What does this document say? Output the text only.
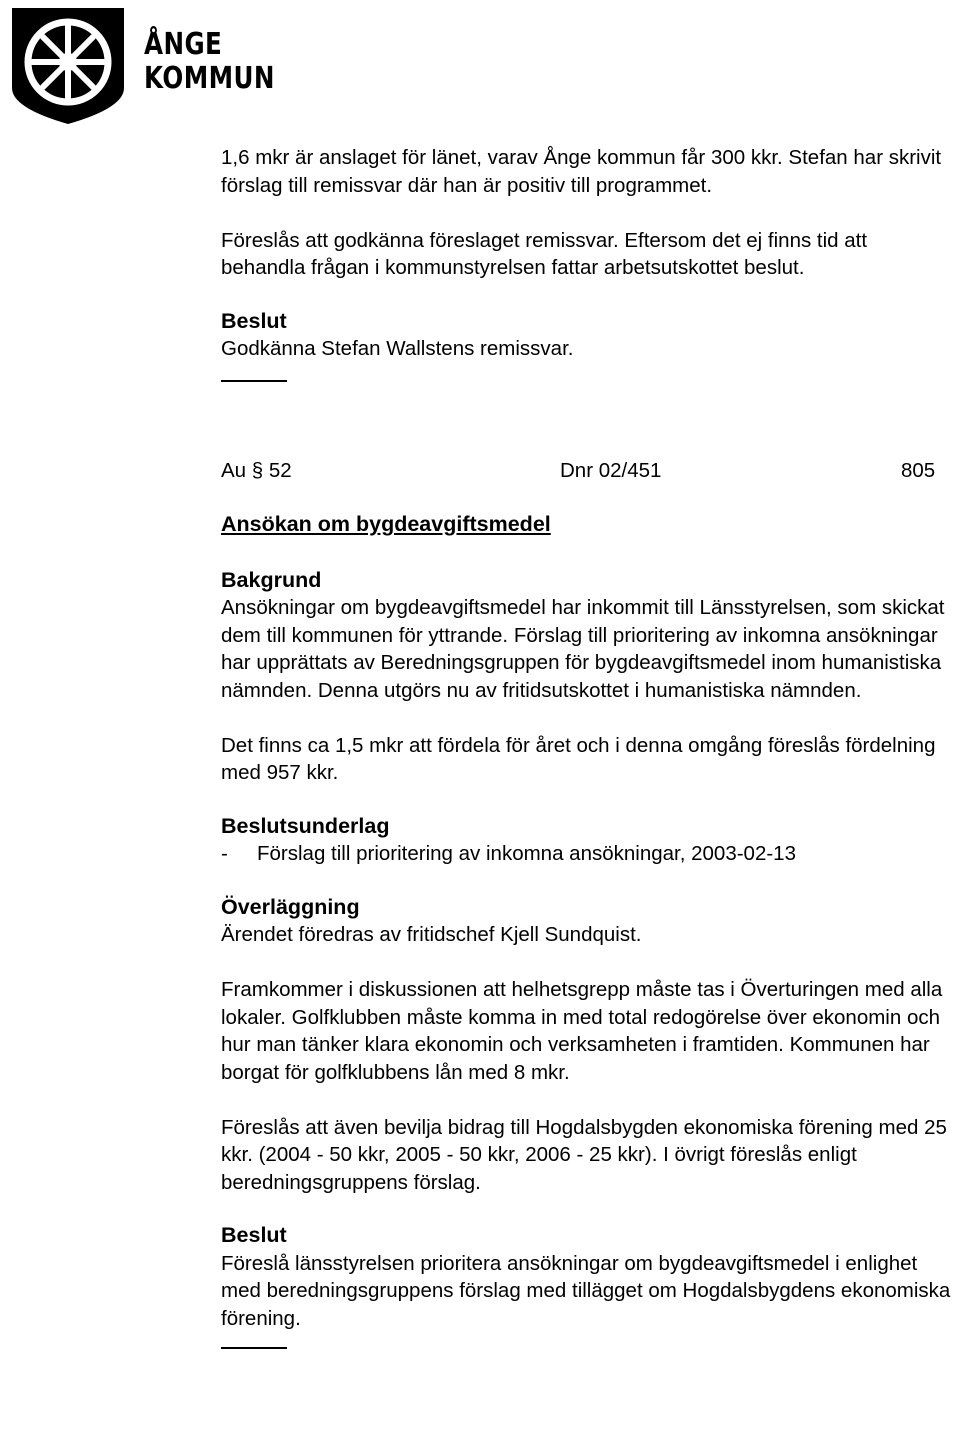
ÅNGE
KOMMUN

1,6 mkr är anslaget för länet, varav Ånge kommun får 300 kkr. Stefan har skrivit förslag till remissvar där han är positiv till programmet.

Föreslås att godkänna föreslaget remissvar. Eftersom det ej finns tid att behandla frågan i kommunstyrelsen fattar arbetsutskottet beslut.

Beslut

Godkänna Stefan Wallstens remissvar.

Au § 52	Dnr 02/451	805

Ansökan om bygdeavgiftsmedel

Bakgrund

Ansökningar om bygdeavgiftsmedel har inkommit till Länsstyrelsen, som skickat dem till kommunen för yttrande. Förslag till prioritering av inkomna ansökningar har upprättats av Beredningsgruppen för bygdeavgiftsmedel inom humanistiska nämnden. Denna utgörs nu av fritidsutskottet i humanistiska nämnden.

Det finns ca 1,5 mkr att fördela för året och i denna omgång föreslås fördelning med 957 kkr.

Beslutsunderlag

- Förslag till prioritering av inkomna ansökningar, 2003-02-13

Överläggning

Ärendet föredras av fritidschef Kjell Sundquist.

Framkommer i diskussionen att helhetsgrepp måste tas i Överturingen med alla lokaler. Golfklubben måste komma in med total redogörelse över ekonomin och hur man tänker klara ekonomin och verksamheten i framtiden. Kommunen har borgat för golfklubbens lån med 8 mkr.

Föreslås att även bevilja bidrag till Hogdalsbygden ekonomiska förening med 25 kkr. (2004 - 50 kkr, 2005 - 50 kkr, 2006 - 25 kkr). I övrigt föreslås enligt beredningsgruppens förslag.

Beslut

Föreslå länsstyrelsen prioritera ansökningar om bygdeavgiftsmedel i enlighet med beredningsgruppens förslag med tillägget om Hogdalsbygdens ekonomiska förening.
